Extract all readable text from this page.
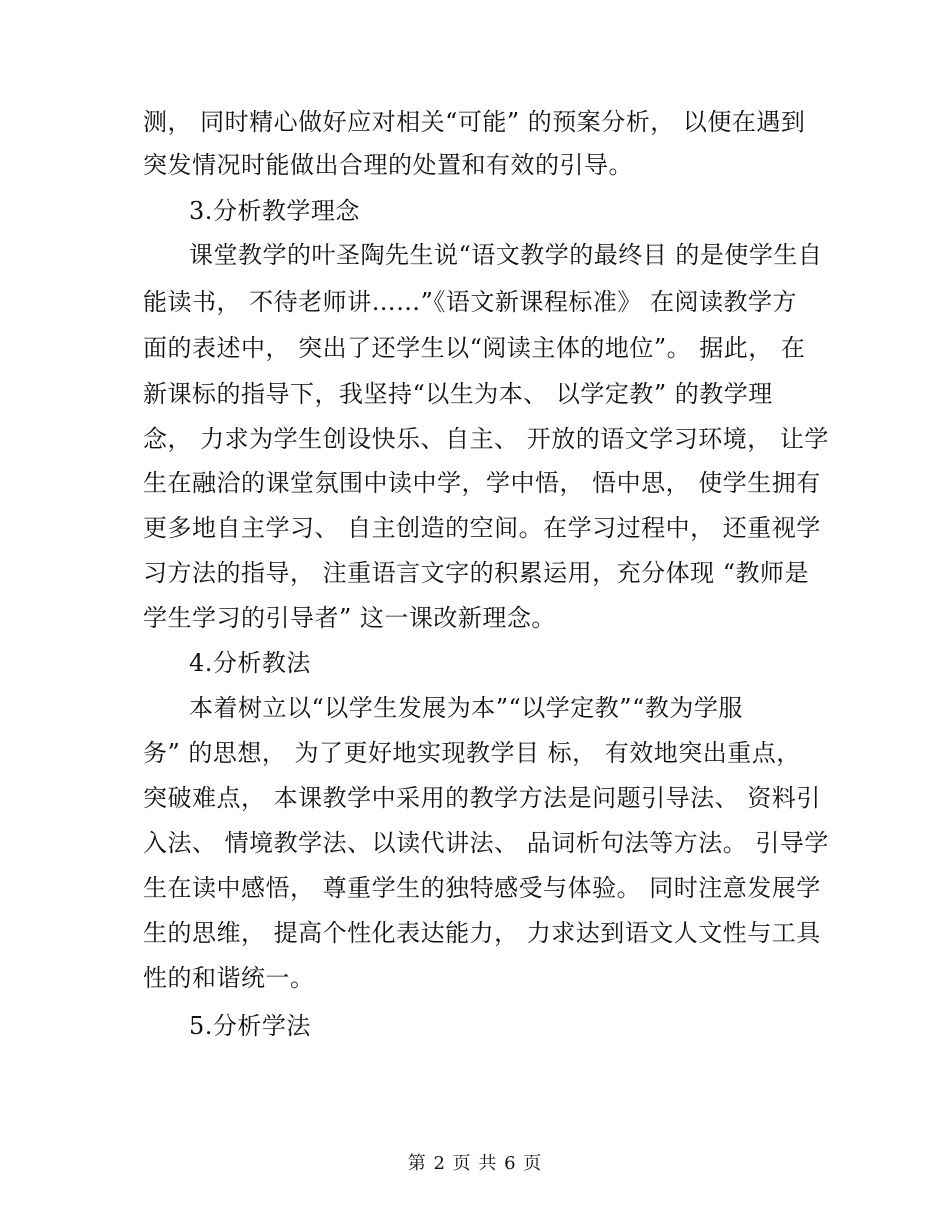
测， 同时精心做好应对相关“可能” 的预案分析， 以便在遇到
突发情况时能做出合理的处置和有效的引导。
3.分析教学理念
课堂教学的叶圣陶先生说“语文教学的最终目 的是使学生自
能读书， 不待老师讲……”《语文新课程标准》 在阅读教学方
面的表述中， 突出了还学生以“阅读主体的地位”。 据此， 在
新课标的指导下，我坚持“以生为本、 以学定教” 的教学理
念， 力求为学生创设快乐、自主、 开放的语文学习环境， 让学
生在融洽的课堂氛围中读中学，学中悟， 悟中思， 使学生拥有
更多地自主学习、 自主创造的空间。在学习过程中， 还重视学
习方法的指导， 注重语言文字的积累运用，充分体现 “教师是
学生学习的引导者” 这一课改新理念。
4.分析教法
本着树立以“以学生发展为本”“以学定教”“教为学服
务” 的思想， 为了更好地实现教学目 标， 有效地突出重点，
突破难点， 本课教学中采用的教学方法是问题引导法、 资料引
入法、 情境教学法、以读代讲法、 品词析句法等方法。 引导学
生在读中感悟， 尊重学生的独特感受与体验。 同时注意发展学
生的思维， 提高个性化表达能力， 力求达到语文人文性与工具
性的和谐统一。
5.分析学法
第 2 页 共 6 页
